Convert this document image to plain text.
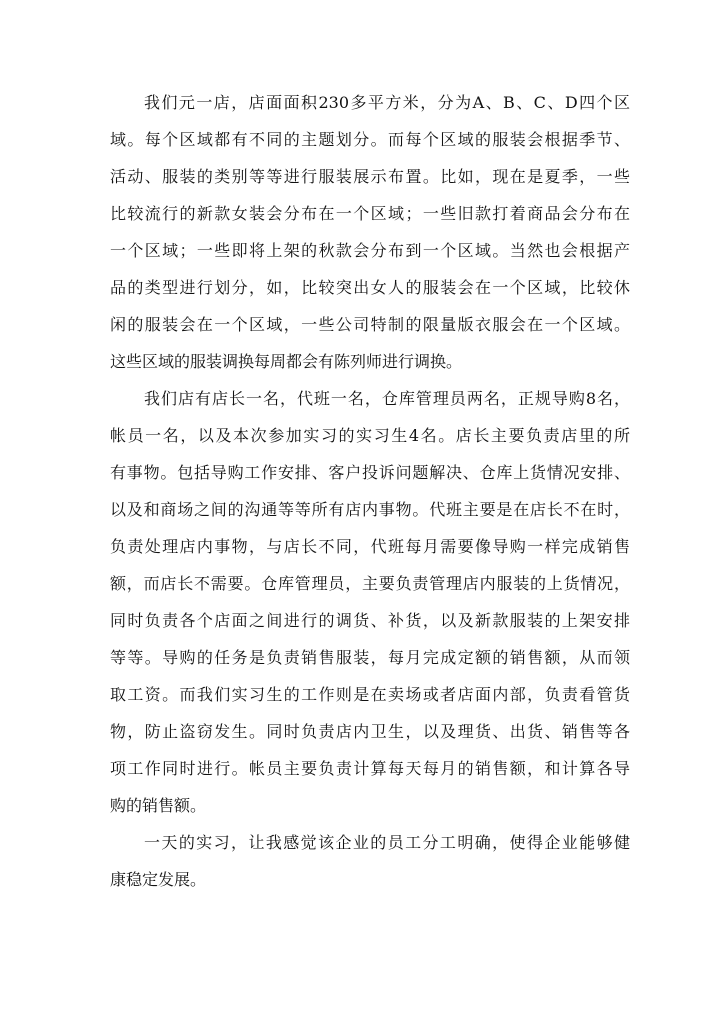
我们元一店，店面面积230多平方米，分为A、B、C、D四个区
域。每个区域都有不同的主题划分。而每个区域的服装会根据季节、
活动、服装的类别等等进行服装展示布置。比如，现在是夏季，一些
比较流行的新款女装会分布在一个区域；一些旧款打着商品会分布在
一个区域；一些即将上架的秋款会分布到一个区域。当然也会根据产
品的类型进行划分，如，比较突出女人的服装会在一个区域，比较休
闲的服装会在一个区域，一些公司特制的限量版衣服会在一个区域。
这些区域的服装调换每周都会有陈列师进行调换。
我们店有店长一名，代班一名，仓库管理员两名，正规导购8名，
帐员一名，以及本次参加实习的实习生4名。店长主要负责店里的所
有事物。包括导购工作安排、客户投诉问题解决、仓库上货情况安排、
以及和商场之间的沟通等等所有店内事物。代班主要是在店长不在时，
负责处理店内事物，与店长不同，代班每月需要像导购一样完成销售
额，而店长不需要。仓库管理员，主要负责管理店内服装的上货情况，
同时负责各个店面之间进行的调货、补货，以及新款服装的上架安排
等等。导购的任务是负责销售服装，每月完成定额的销售额，从而领
取工资。而我们实习生的工作则是在卖场或者店面内部，负责看管货
物，防止盗窃发生。同时负责店内卫生，以及理货、出货、销售等各
项工作同时进行。帐员主要负责计算每天每月的销售额，和计算各导
购的销售额。
一天的实习，让我感觉该企业的员工分工明确，使得企业能够健
康稳定发展。
